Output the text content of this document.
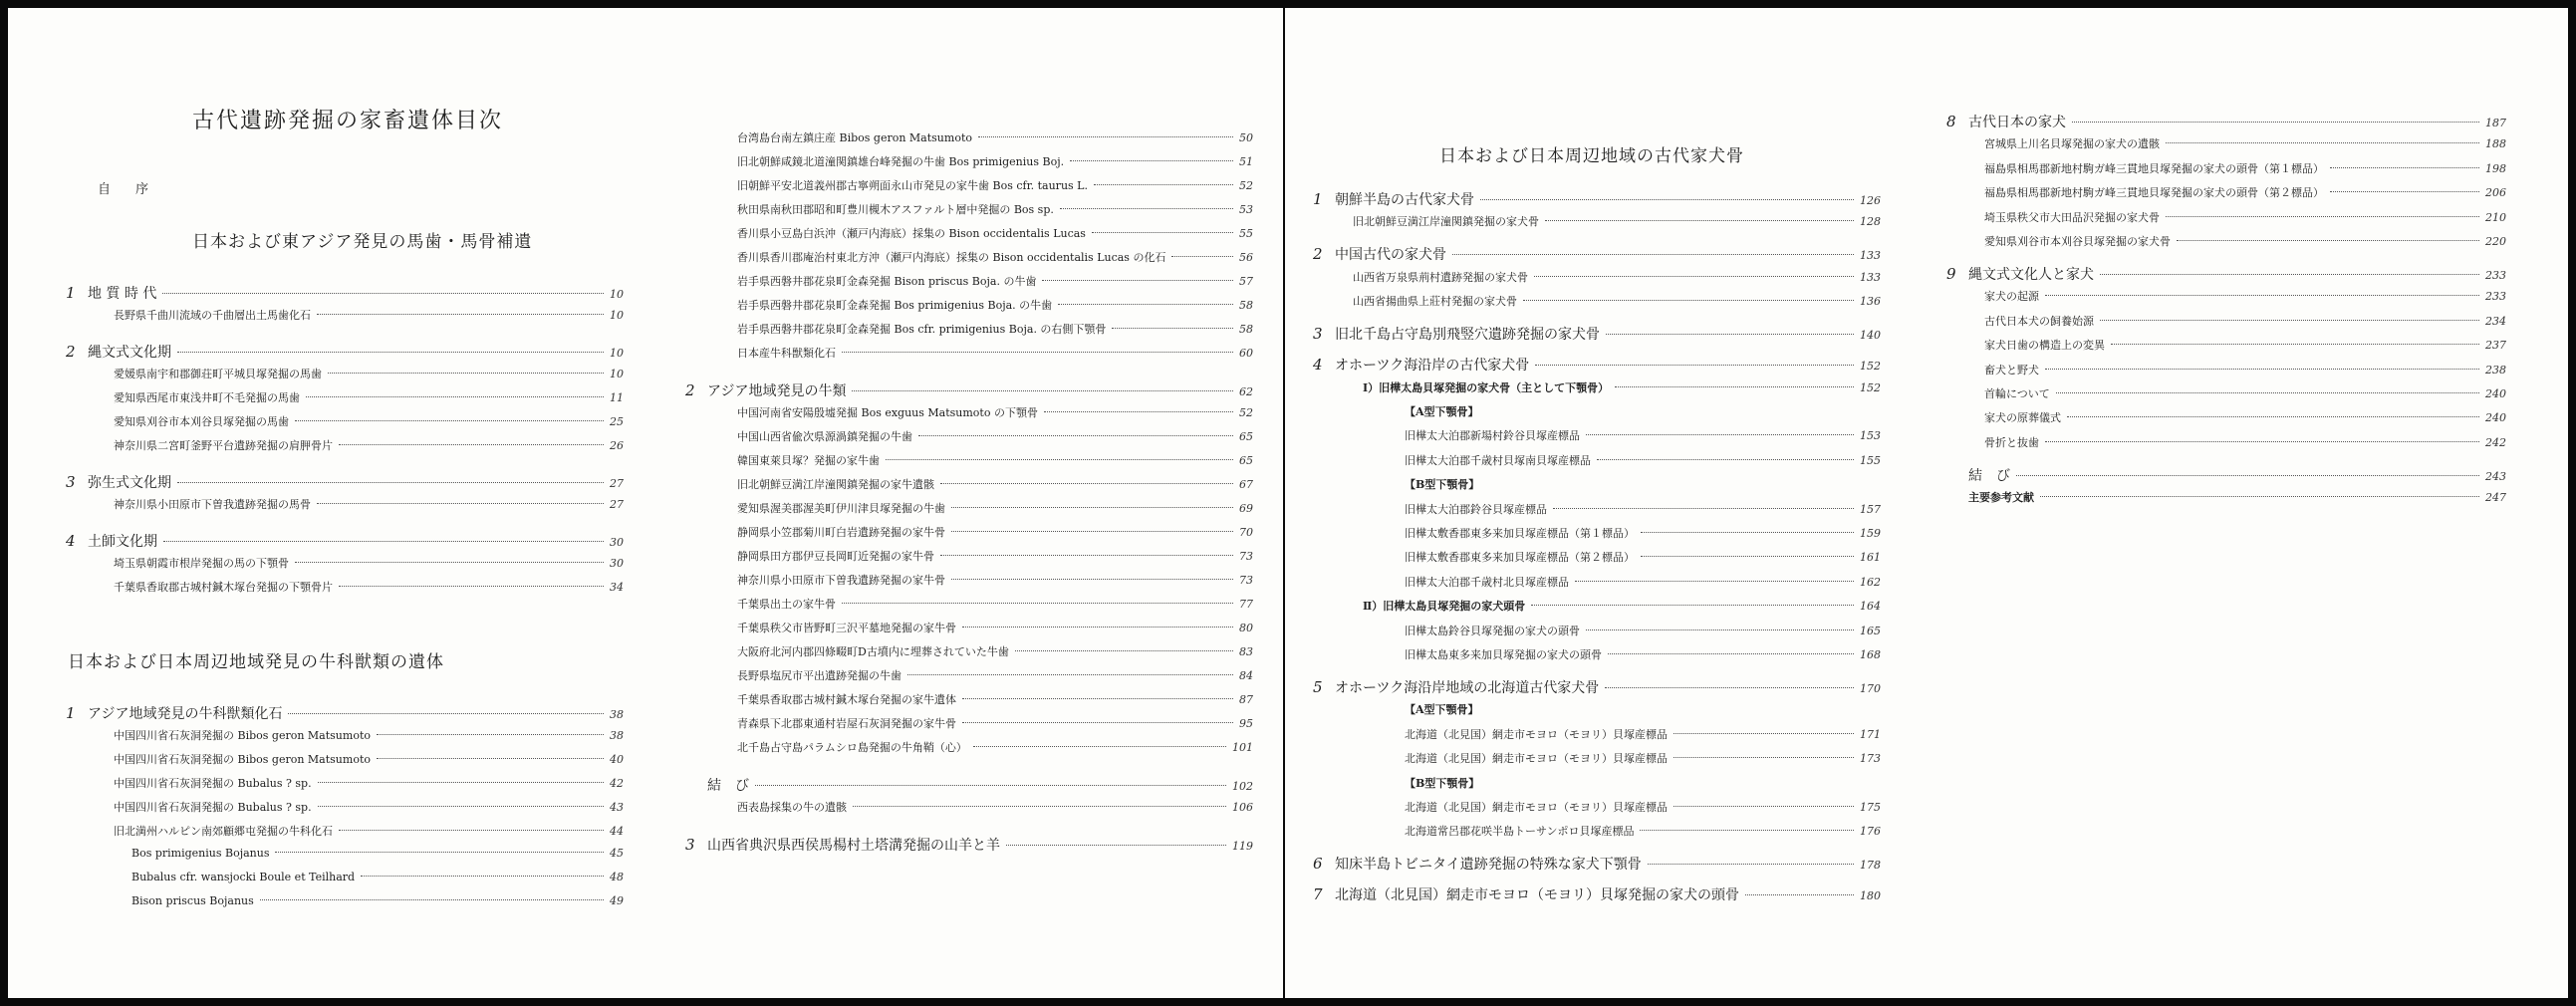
古代遺跡発掘の家畜遺体目次
自　序
日本および東アジア発見の馬歯・馬骨補遺
1 地 質 時 代	10
長野県千曲川流域の千曲層出土馬歯化石	10
2 縄文式文化期	10
愛媛県南宇和郡御荘町平城貝塚発掘の馬歯	10
愛知県西尾市東浅井町不毛発掘の馬歯	11
愛知県刈谷市本刈谷貝塚発掘の馬歯	25
神奈川県二宮町釜野平台遺跡発掘の肩胛骨片	26
3 弥生式文化期	27
神奈川県小田原市下曽我遺跡発掘の馬骨	27
4 土師文化期	30
埼玉県朝霞市根岸発掘の馬の下顎骨	30
千葉県香取郡古城村鍼木塚台発掘の下顎骨片	34
日本および日本周辺地域発見の牛科獣類の遺体
1 アジア地域発見の牛科獣類化石	38
中国四川省石灰洞発掘の Bibos geron Matsumoto	38
中国四川省石灰洞発掘の Bibos geron Matsumoto	40
中国四川省石灰洞発掘の Bubalus ? sp.	42
中国四川省石灰洞発掘の Bubalus ? sp.	43
旧北満州ハルピン南郊顧郷屯発掘の牛科化石	44
Bos primigenius Bojanus	45
Bubalus cfr. wansjocki Boule et Teilhard	48
Bison priscus Bojanus	49
台湾島台南左鎮庄産 Bibos geron Matsumoto	50
旧北朝鮮咸鏡北道潼関鎮雄台峰発掘の牛歯 Bos primigenius Boj.	51
旧朝鮮平安北道義州郡古寧朔面永山市発見の家牛歯 Bos cfr. taurus L.	52
秋田県南秋田郡昭和町豊川槻木アスファルト層中発掘の Bos sp.	53
香川県小豆島白浜沖（瀬戸内海底）採集の Bison occidentalis Lucas	55
香川県香川郡庵治村東北方沖（瀬戸内海底）採集の Bison occidentalis Lucas の化石	56
岩手県西磐井郡花泉町金森発掘 Bison priscus Boja. の牛歯	57
岩手県西磐井郡花泉町金森発掘 Bos primigenius Boja. の牛歯	58
岩手県西磐井郡花泉町金森発掘 Bos cfr. primigenius Boja. の右側下顎骨	58
日本産牛科獣類化石	60
2 アジア地域発見の牛類	62
中国河南省安陽殷墟発掘 Bos exguus Matsumoto の下顎骨	52
中国山西省偸次県源渦鎮発掘の牛歯	65
韓国東萊貝塚？発掘の家牛歯	65
旧北朝鮮豆満江岸潼関鎮発掘の家牛遺骸	67
愛知県渥美郡渥美町伊川津貝塚発掘の牛歯	69
静岡県小笠郡菊川町白岩遺跡発掘の家牛骨	70
静岡県田方郡伊豆長岡町近発掘の家牛骨	73
神奈川県小田原市下曽我遺跡発掘の家牛骨	73
千葉県出土の家牛骨	77
千葉県秩父市皆野町三沢平墓地発掘の家牛骨	80
大阪府北河内郡四條畷町D古墳内に埋葬されていた牛歯	83
長野県塩尻市平出遺跡発掘の牛歯	84
千葉県香取郡古城村鍼木塚台発掘の家牛遺体	87
青森県下北郡東通村岩屋石灰洞発掘の家牛骨	95
北千島占守島パラムシロ島発掘の牛角鞘（心）	101
結　び	102
西表島採集の牛の遺骸	106
3 山西省典沢県西侯馬楊村土塔溝発掘の山羊と羊	119
日本および日本周辺地域の古代家犬骨
1 朝鮮半島の古代家犬骨	126
旧北朝鮮豆満江岸潼関鎮発掘の家犬骨	128
2 中国古代の家犬骨	133
山西省万泉県荊村遺跡発掘の家犬骨	133
山西省揚曲県上莊村発掘の家犬骨	136
3 旧北千島占守島別飛竪穴遺跡発掘の家犬骨	140
4 オホーツク海沿岸の古代家犬骨	152
Ⅰ）旧樺太島貝塚発掘の家犬骨（主として下顎骨）	152
【A型下顎骨】
旧樺太大泊郡新場村鈴谷貝塚産標品	153
旧樺太大泊郡千歳村貝塚南貝塚産標品	155
【B型下顎骨】
旧樺太大泊郡鈴谷貝塚産標品	157
旧樺太敷香郡東多来加貝塚産標品（第１標品）	159
旧樺太敷香郡東多来加貝塚産標品（第２標品）	161
旧樺太大泊郡千歳村北貝塚産標品	162
Ⅱ）旧樺太島貝塚発掘の家犬頭骨	164
旧樺太島鈴谷貝塚発掘の家犬の頭骨	165
旧樺太島東多来加貝塚発掘の家犬の頭骨	168
5 オホーツク海沿岸地域の北海道古代家犬骨	170
【A型下顎骨】
北海道（北見国）網走市モヨロ（モヨリ）貝塚産標品	171
北海道（北見国）網走市モヨロ（モヨリ）貝塚産標品	173
【B型下顎骨】
北海道（北見国）網走市モヨロ（モヨリ）貝塚産標品	175
北海道常呂郡花咲半島トーサンポロ貝塚産標品	176
6 知床半島トビニタイ遺跡発掘の特殊な家犬下顎骨	178
7 北海道（北見国）網走市モヨロ（モヨリ）貝塚発掘の家犬の頭骨	180
8 古代日本の家犬	187
宮城県上川名貝塚発掘の家犬の遺骸	188
福島県相馬郡新地村駒ガ峰三貫地貝塚発掘の家犬の頭骨（第１標品）	198
福島県相馬郡新地村駒ガ峰三貫地貝塚発掘の家犬の頭骨（第２標品）	206
埼玉県秩父市大田品沢発掘の家犬骨	210
愛知県刈谷市本刈谷貝塚発掘の家犬骨	220
9 縄文式文化人と家犬	233
家犬の起源	233
古代日本犬の飼養始源	234
家犬日歯の構造上の変異	237
畜犬と野犬	238
首輪について	240
家犬の原葬儀式	240
骨折と抜歯	242
結　び	243
主要参考文献	247
